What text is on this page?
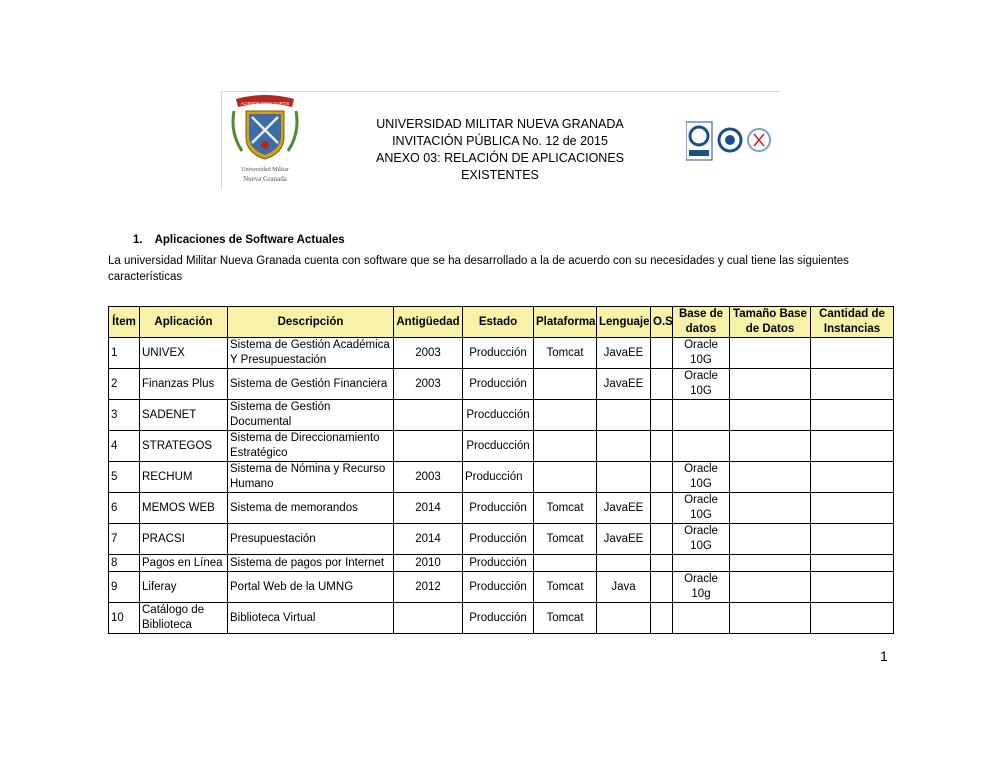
ACIENDE FIDES FORTIS
Universidad Militar
Nueva Granada
UNIVERSIDAD MILITAR NUEVA GRANADA
INVITACIÓN PÚBLICA No. 12 de 2015
ANEXO 03: RELACIÓN DE APLICACIONES EXISTENTES
1. Aplicaciones de Software Actuales
La universidad Militar Nueva Granada cuenta con software que se ha desarrollado a la de acuerdo con su necesidades y cual tiene las siguientes características
Ítem	Aplicación	Descripción	Antigüedad	Estado	Plataforma	Lenguaje	O.S	Base de datos	Tamaño Base de Datos	Cantidad de Instancias
1	UNIVEX	Sistema de Gestión Académica Y Presupuestación	2003	Producción	Tomcat	JavaEE		Oracle 10G		
2	Finanzas Plus	Sistema de Gestión Financiera	2003	Producción		JavaEE		Oracle 10G		
3	SADENET	Sistema de Gestión Documental		Procducción						
4	STRATEGOS	Sistema de Direccionamiento Estratégico		Procducción						
5	RECHUM	Sistema de Nómina y Recurso Humano	2003	Producción				Oracle 10G		
6	MEMOS WEB	Sistema de memorandos	2014	Producción	Tomcat	JavaEE		Oracle 10G		
7	PRACSI	Presupuestación	2014	Producción	Tomcat	JavaEE		Oracle 10G		
8	Pagos en Línea	Sistema de pagos por Internet	2010	Producción						
9	Liferay	Portal Web de la UMNG	2012	Producción	Tomcat	Java		Oracle 10g		
10	Catálogo de Biblioteca	Biblioteca Virtual		Producción	Tomcat					
1
